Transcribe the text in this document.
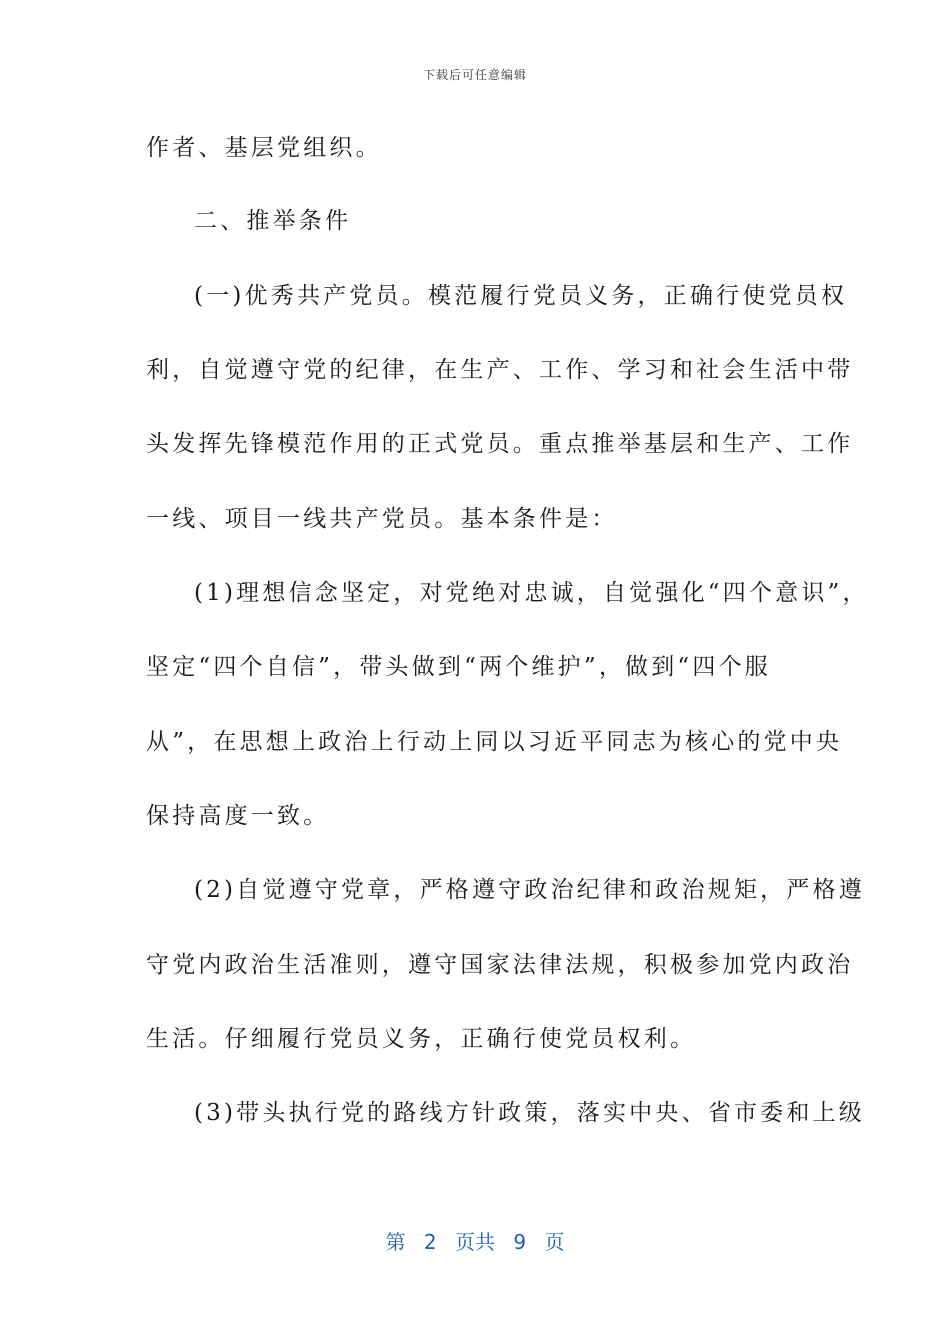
下载后可任意编辑
作者、基层党组织。
二、推举条件
(一)优秀共产党员。模范履行党员义务，正确行使党员权
利，自觉遵守党的纪律，在生产、工作、学习和社会生活中带
头发挥先锋模范作用的正式党员。重点推举基层和生产、工作
一线、项目一线共产党员。基本条件是：
(1)理想信念坚定，对党绝对忠诚，自觉强化“四个意识”，
坚定“四个自信”，带头做到“两个维护”，做到“四个服
从”，在思想上政治上行动上同以习近平同志为核心的党中央
保持高度一致。
(2)自觉遵守党章，严格遵守政治纪律和政治规矩，严格遵
守党内政治生活准则，遵守国家法律法规，积极参加党内政治
生活。仔细履行党员义务，正确行使党员权利。
(3)带头执行党的路线方针政策，落实中央、省市委和上级
第 2 页共 9 页
